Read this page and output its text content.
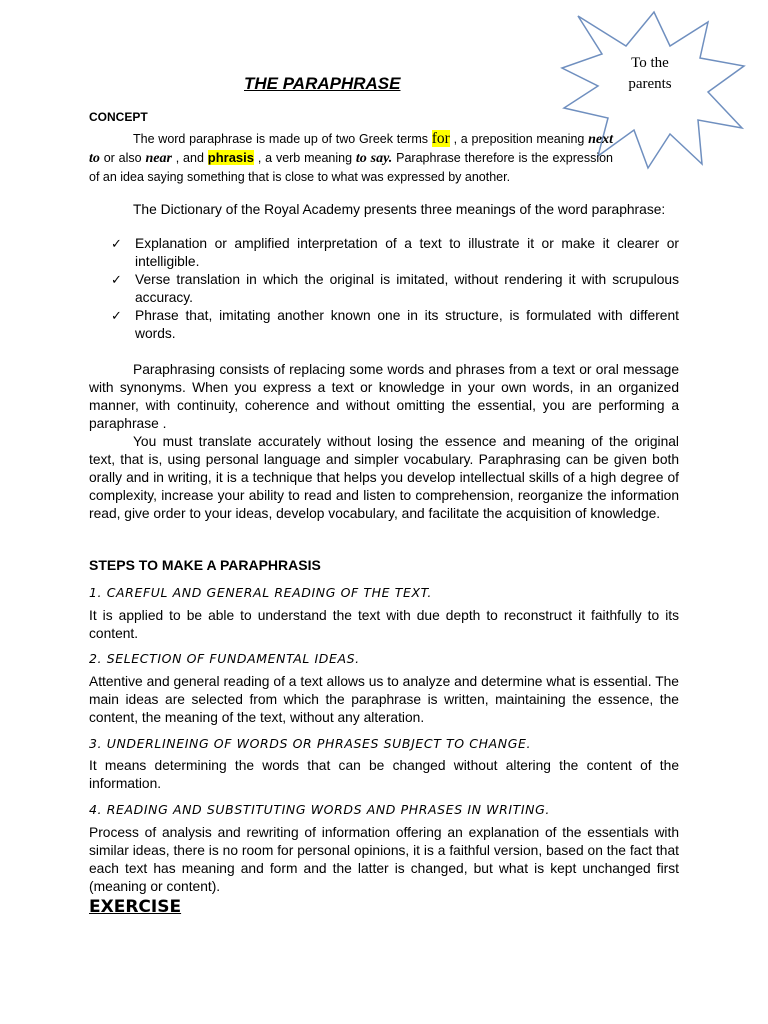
To the
parents
THE PARAPHRASE
CONCEPT

The word paraphrase is made up of two Greek terms for , a preposition meaning next to or also near , and phrasis , a verb meaning to say. Paraphrase therefore is the expression of an idea saying something that is close to what was expressed by another.

The Dictionary of the Royal Academy presents three meanings of the word paraphrase:

✓ Explanation or amplified interpretation of a text to illustrate it or make it clearer or intelligible.
✓ Verse translation in which the original is imitated, without rendering it with scrupulous accuracy.
✓ Phrase that, imitating another known one in its structure, is formulated with different words.

Paraphrasing consists of replacing some words and phrases from a text or oral message with synonyms. When you express a text or knowledge in your own words, in an organized manner, with continuity, coherence and without omitting the essential, you are performing a paraphrase .

You must translate accurately without losing the essence and meaning of the original text, that is, using personal language and simpler vocabulary. Paraphrasing can be given both orally and in writing, it is a technique that helps you develop intellectual skills of a high degree of complexity, increase your ability to read and listen to comprehension, reorganize the information read, give order to your ideas, develop vocabulary, and facilitate the acquisition of knowledge.

STEPS TO MAKE A PARAPHRASIS
1. CAREFUL AND GENERAL READING OF THE TEXT.

It is applied to be able to understand the text with due depth to reconstruct it faithfully to its content.

2. SELECTION OF FUNDAMENTAL IDEAS.

Attentive and general reading of a text allows us to analyze and determine what is essential. The main ideas are selected from which the paraphrase is written, maintaining the essence, the content, the meaning of the text, without any alteration.

3. UNDERLINEING OF WORDS OR PHRASES SUBJECT TO CHANGE.

It means determining the words that can be changed without altering the content of the information.

4. READING AND SUBSTITUTING WORDS AND PHRASES IN WRITING.

Process of analysis and rewriting of information offering an explanation of the essentials with similar ideas, there is no room for personal opinions, it is a faithful version, based on the fact that each text has meaning and form and the latter is changed, but what is kept unchanged first (meaning or content).

EXERCISE
